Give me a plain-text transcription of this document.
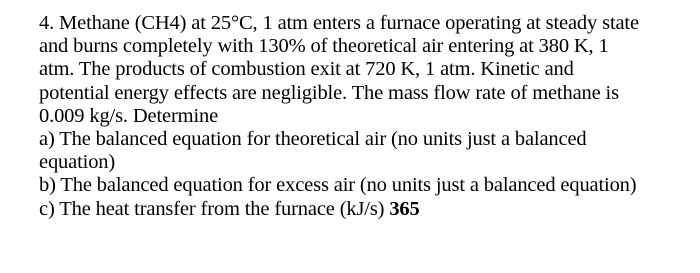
4. Methane (CH4) at 25°C, 1 atm enters a furnace operating at steady state
and burns completely with 130% of theoretical air entering at 380 K, 1
atm. The products of combustion exit at 720 K, 1 atm. Kinetic and
potential energy effects are negligible. The mass flow rate of methane is
0.009 kg/s. Determine
a) The balanced equation for theoretical air (no units just a balanced
equation)
b) The balanced equation for excess air (no units just a balanced equation)
c) The heat transfer from the furnace (kJ/s) 365
